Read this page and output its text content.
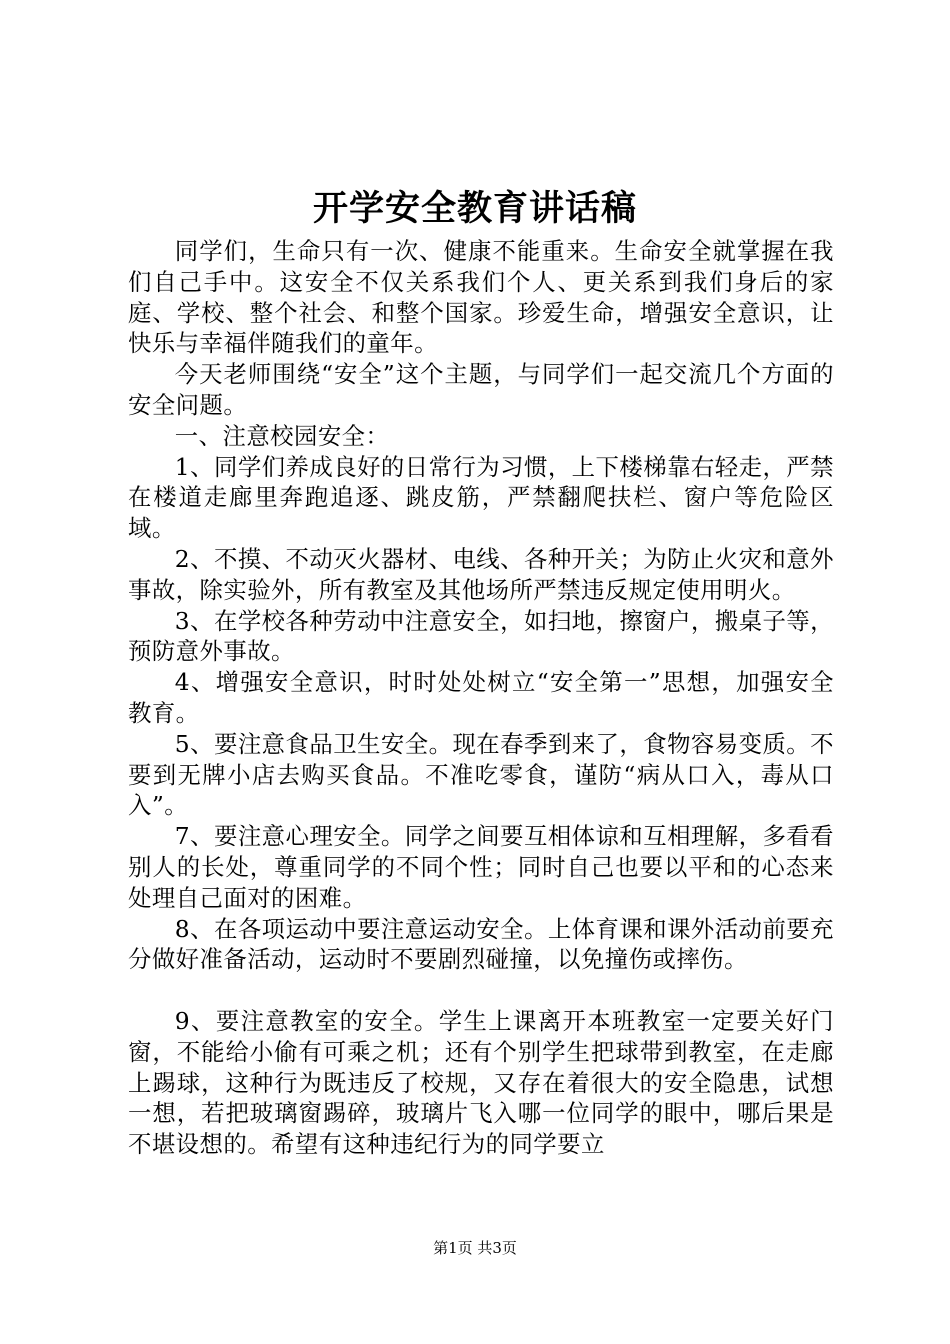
开学安全教育讲话稿

同学们，生命只有一次、健康不能重来。生命安全就掌握在我们自己手中。这安全不仅关系我们个人、更关系到我们身后的家庭、学校、整个社会、和整个国家。珍爱生命，增强安全意识，让快乐与幸福伴随我们的童年。

今天老师围绕“安全”这个主题，与同学们一起交流几个方面的安全问题。

一、注意校园安全：

1、同学们养成良好的日常行为习惯，上下楼梯靠右轻走，严禁在楼道走廊里奔跑追逐、跳皮筋，严禁翻爬扶栏、窗户等危险区域。

2、不摸、不动灭火器材、电线、各种开关；为防止火灾和意外事故，除实验外，所有教室及其他场所严禁违反规定使用明火。

3、在学校各种劳动中注意安全，如扫地，擦窗户，搬桌子等，预防意外事故。

4、增强安全意识，时时处处树立“安全第一”思想，加强安全教育。

5、要注意食品卫生安全。现在春季到来了，食物容易变质。不要到无牌小店去购买食品。不准吃零食，谨防“病从口入，毒从口入”。

7、要注意心理安全。同学之间要互相体谅和互相理解，多看看别人的长处，尊重同学的不同个性；同时自己也要以平和的心态来处理自己面对的困难。

8、在各项运动中要注意运动安全。上体育课和课外活动前要充分做好准备活动，运动时不要剧烈碰撞，以免撞伤或摔伤。

9、要注意教室的安全。学生上课离开本班教室一定要关好门窗，不能给小偷有可乘之机；还有个别学生把球带到教室，在走廊上踢球，这种行为既违反了校规，又存在着很大的安全隐患，试想一想，若把玻璃窗踢碎，玻璃片飞入哪一位同学的眼中，哪后果是不堪设想的。希望有这种违纪行为的同学要立

第1页 共3页
